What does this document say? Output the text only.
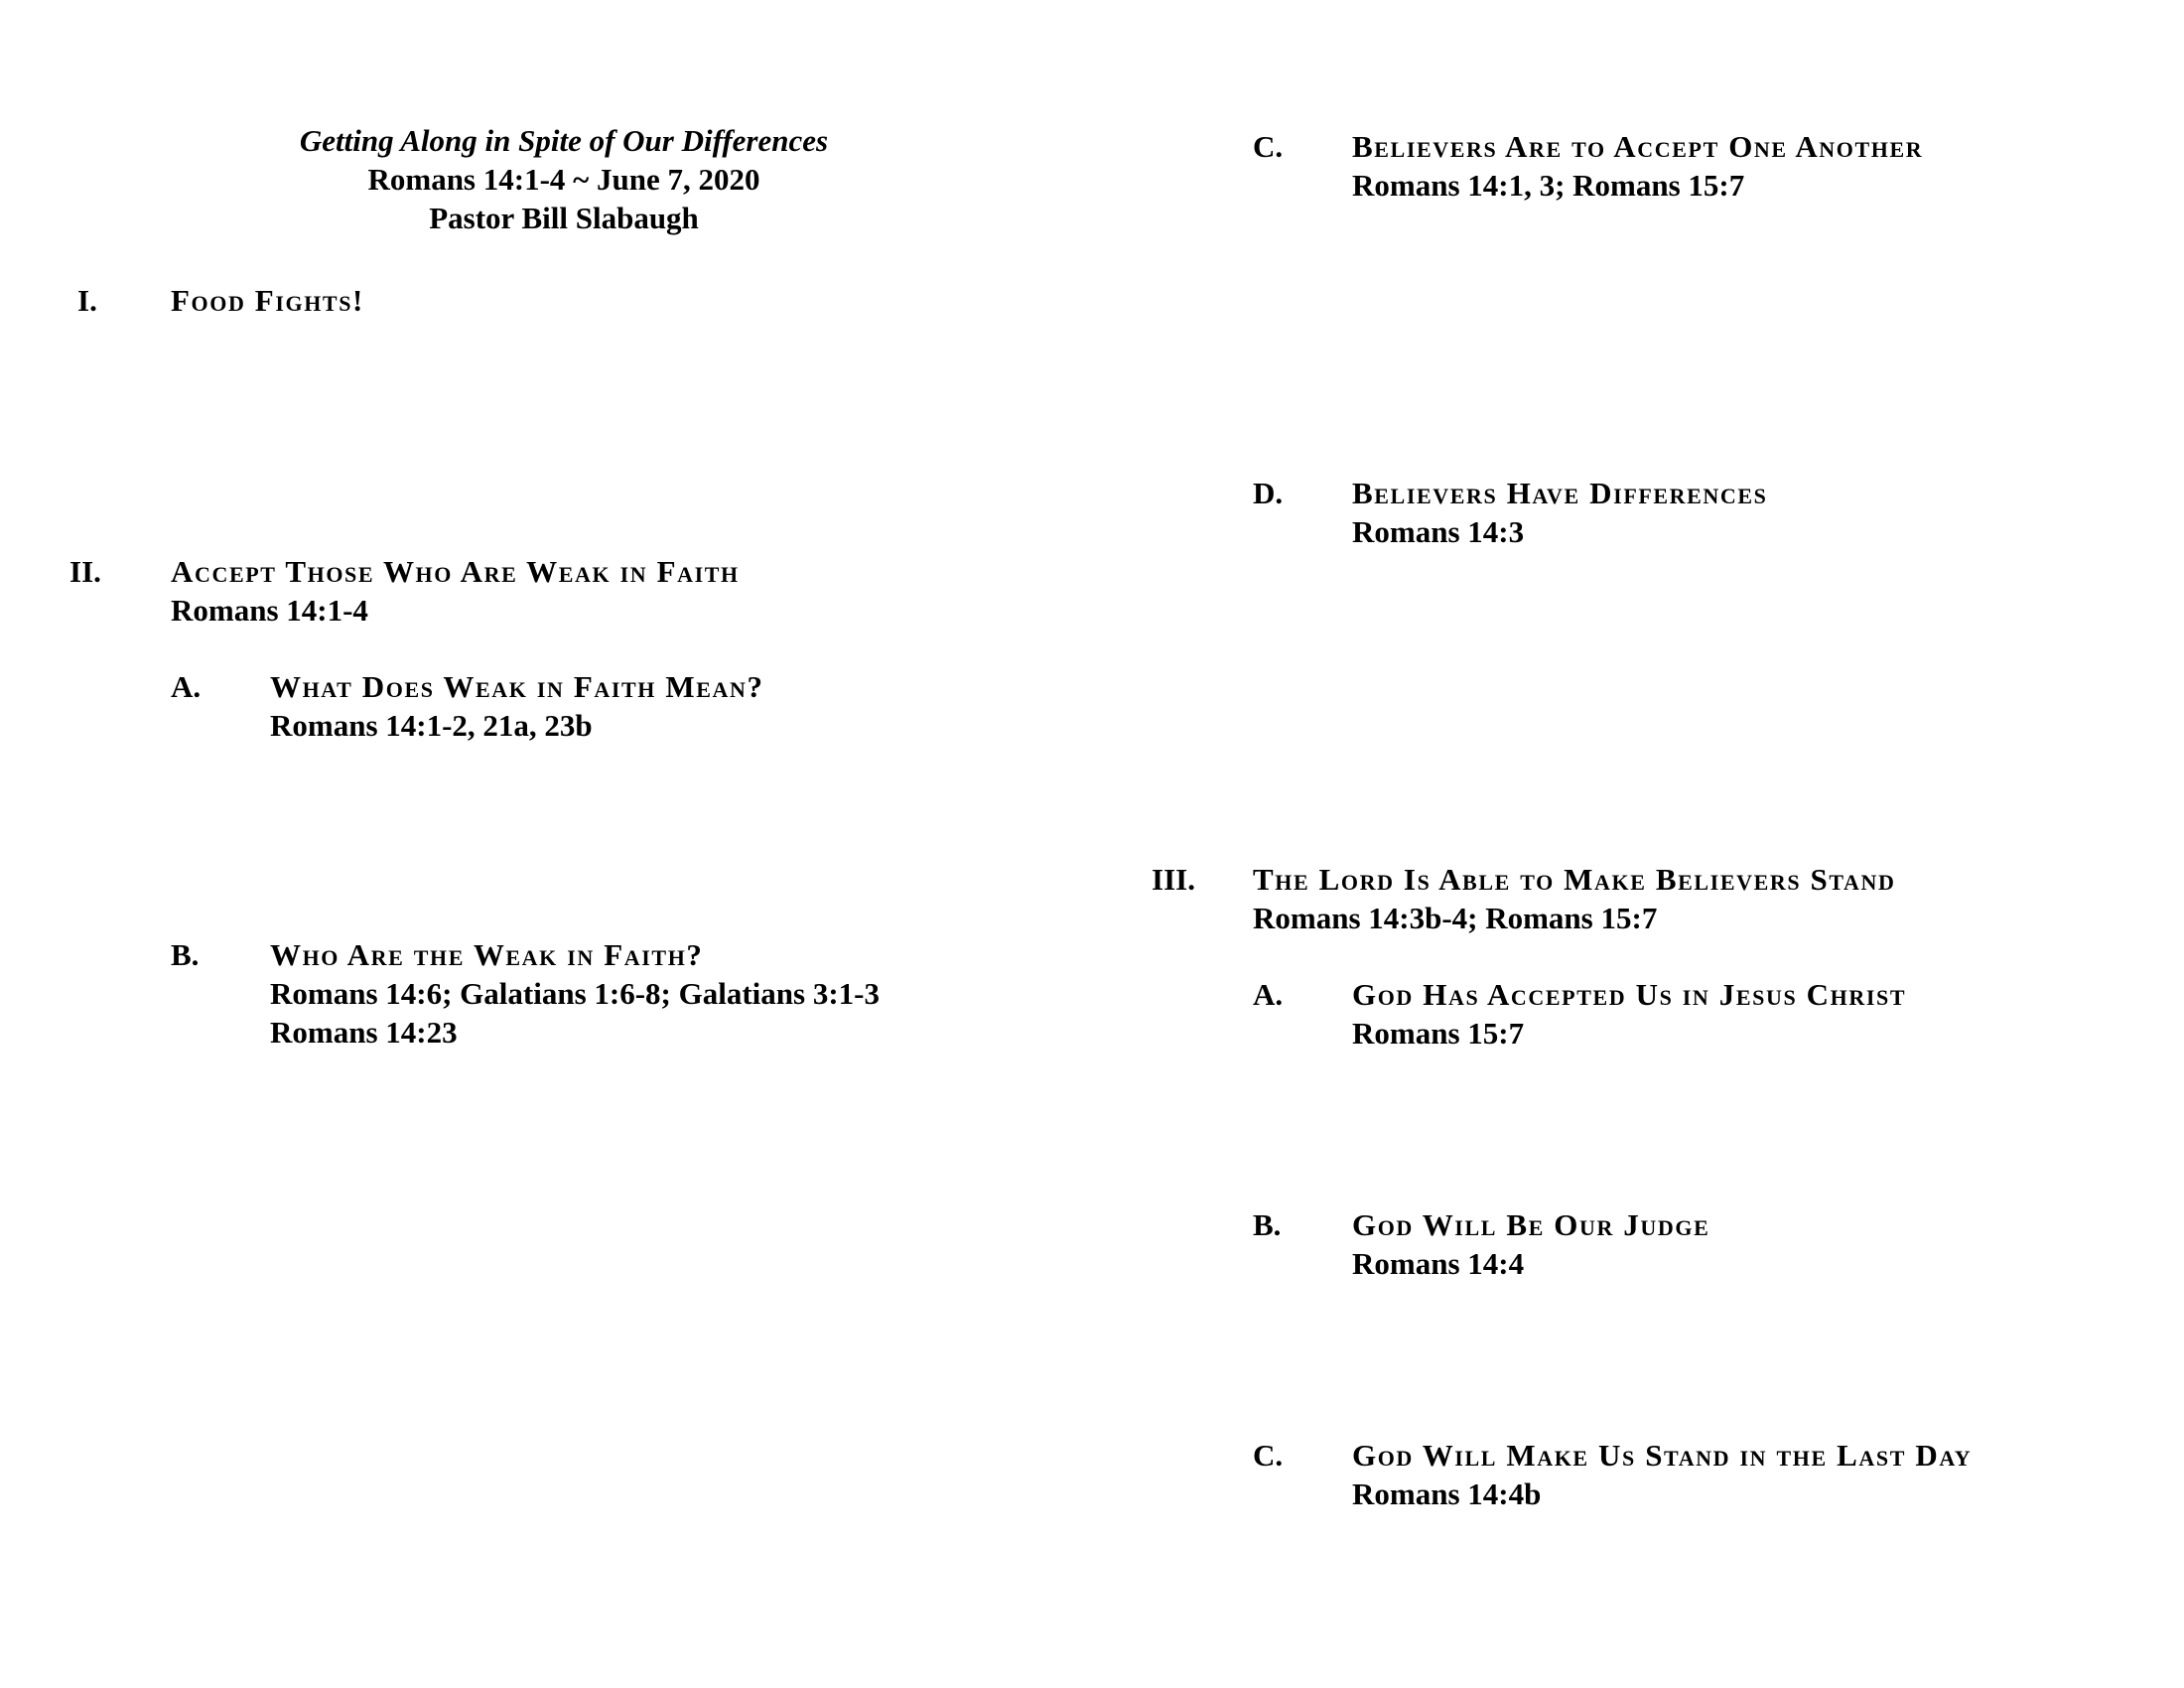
Getting Along in Spite of Our Differences
Romans 14:1-4 ~ June 7, 2020
Pastor Bill Slabaugh
I. Food Fights!
II. Accept Those Who Are Weak in Faith
Romans 14:1-4
A. What Does Weak in Faith Mean?
Romans 14:1-2, 21a, 23b
B. Who Are the Weak in Faith?
Romans 14:6; Galatians 1:6-8; Galatians 3:1-3
Romans 14:23
C. Believers Are to Accept One Another
Romans 14:1, 3; Romans 15:7
D. Believers Have Differences
Romans 14:3
III. The Lord Is Able to Make Believers Stand
Romans 14:3b-4; Romans 15:7
A. God Has Accepted Us in Jesus Christ
Romans 15:7
B. God Will Be Our Judge
Romans 14:4
C. God Will Make Us Stand in the Last Day
Romans 14:4b
